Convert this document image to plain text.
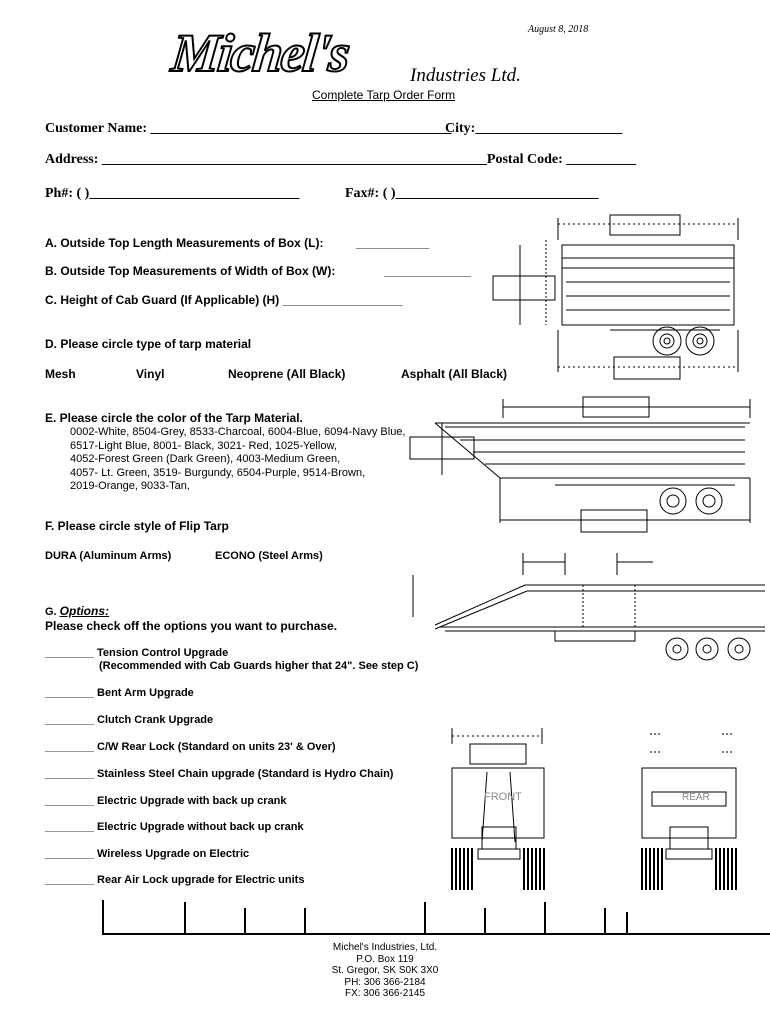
August 8, 2018
Michel's	Industries Ltd.
Complete Tarp Order Form
Customer Name: ___________________________________________
City:_____________________
Address: _______________________________________________________Postal Code: __________
Ph#: ( )______________________________	Fax#: ( )_____________________________
A. Outside Top Length Measurements of Box (L):	___________
B. Outside Top Measurements of Width of Box (W):	_____________
C. Height of Cab Guard (If Applicable) (H) __________________
D. Please circle type of tarp material
Mesh	Vinyl	Neoprene (All Black)	Asphalt (All Black)
E. Please circle the color of the Tarp Material.
0002-White, 8504-Grey, 8533-Charcoal, 6004-Blue, 6094-Navy Blue,
6517-Light Blue, 8001- Black, 3021- Red, 1025-Yellow,
4052-Forest Green (Dark Green), 4003-Medium Green,
4057- Lt. Green, 3519- Burgundy, 6504-Purple, 9514-Brown,
2019-Orange, 9033-Tan,
F. Please circle style of Flip Tarp
DURA (Aluminum Arms)	ECONO (Steel Arms)
G. Options:
Please check off the options you want to purchase.
________ Tension Control Upgrade
(Recommended with Cab Guards higher that 24". See step C)
________ Bent Arm Upgrade
________ Clutch Crank Upgrade
________ C/W Rear Lock (Standard on units 23' & Over)
________ Stainless Steel Chain upgrade (Standard is Hydro Chain)
________ Electric Upgrade with back up crank
________ Electric Upgrade without back up crank
________ Wireless Upgrade on Electric
________ Rear Air Lock upgrade for Electric units
FRONT	REAR
Michel's Industries, Ltd.
P.O. Box 119
St. Gregor, SK S0K 3X0
PH: 306 366-2184
FX: 306 366-2145
